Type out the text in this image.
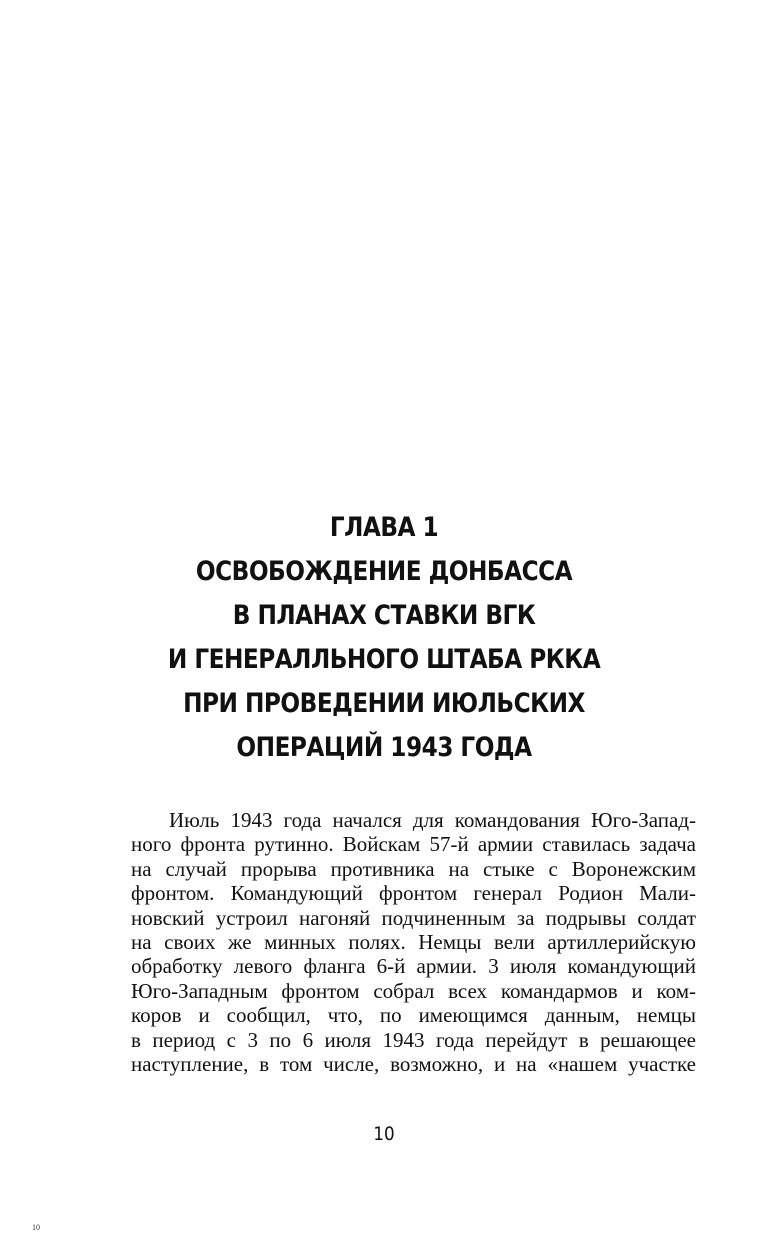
ГЛАВА 1
ОСВОБОЖДЕНИЕ ДОНБАССА
В ПЛАНАХ СТАВКИ ВГК
И ГЕНЕРАЛЛЬНОГО ШТАБА РККА
ПРИ ПРОВЕДЕНИИ ИЮЛЬСКИХ
ОПЕРАЦИЙ 1943 ГОДА
Июль 1943 года начался для командования Юго-Запад-
ного фронта рутинно. Войскам 57-й армии ставилась задача
на случай прорыва противника на стыке с Воронежским
фронтом. Командующий фронтом генерал Родион Мали-
новский устроил нагоняй подчиненным за подрывы солдат
на своих же минных полях. Немцы вели артиллерийскую
обработку левого фланга 6-й армии. 3 июля командующий
Юго-Западным фронтом собрал всех командармов и ком-
коров и сообщил, что, по имеющимся данным, немцы
в период с 3 по 6 июля 1943 года перейдут в решающее
наступление, в том числе, возможно, и на «нашем участке
10
10
